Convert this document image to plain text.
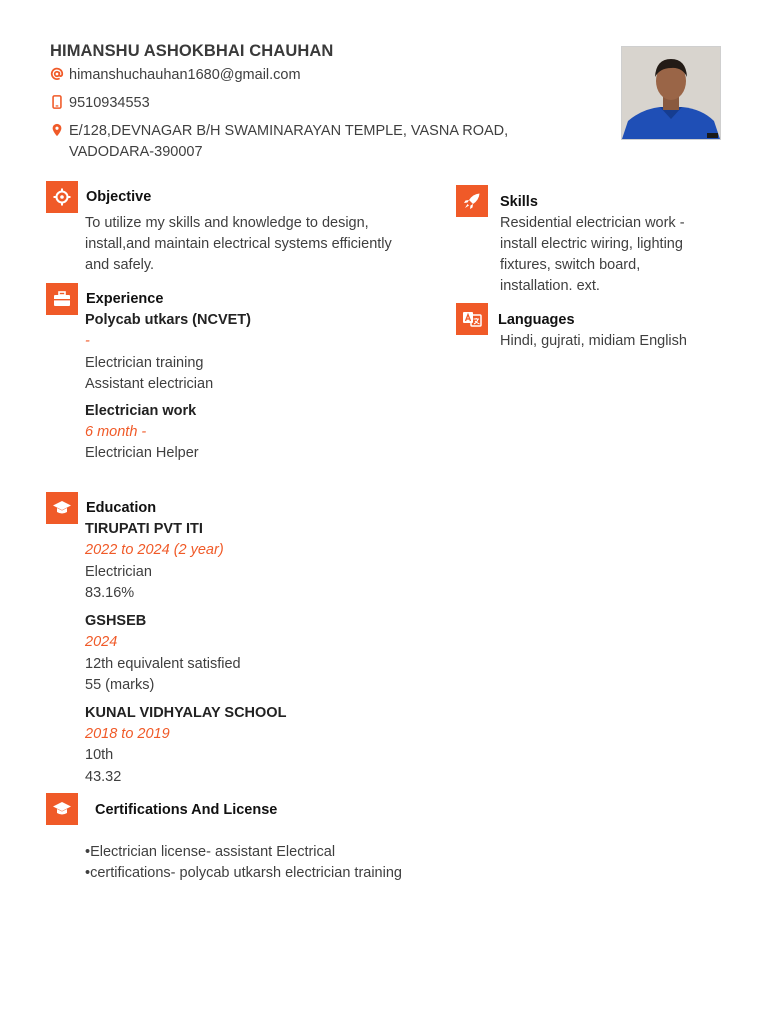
HIMANSHU ASHOKBHAI CHAUHAN
himanshuchauhan1680@gmail.com
9510934553
E/128,DEVNAGAR B/H SWAMINARAYAN TEMPLE, VASNA ROAD,
VADODARA-390007
Objective
To utilize my skills and knowledge to design,
install,and maintain electrical systems efficiently
and safely.
Experience
Polycab utkars (NCVET)
-
Electrician training
Assistant electrician
Electrician work
6 month -
Electrician Helper
Education
TIRUPATI PVT ITI
2022 to 2024 (2 year)
Electrician
83.16%
GSHSEB
2024
12th equivalent satisfied
55 (marks)
KUNAL VIDHYALAY SCHOOL
2018 to 2019
10th
43.32
Certifications And License
•Electrician license- assistant Electrical
•certifications- polycab utkarsh electrician training
Skills
Residential electrician work -
install electric wiring, lighting
fixtures, switch board,
installation. ext.
Languages
Hindi, gujrati, midiam English
